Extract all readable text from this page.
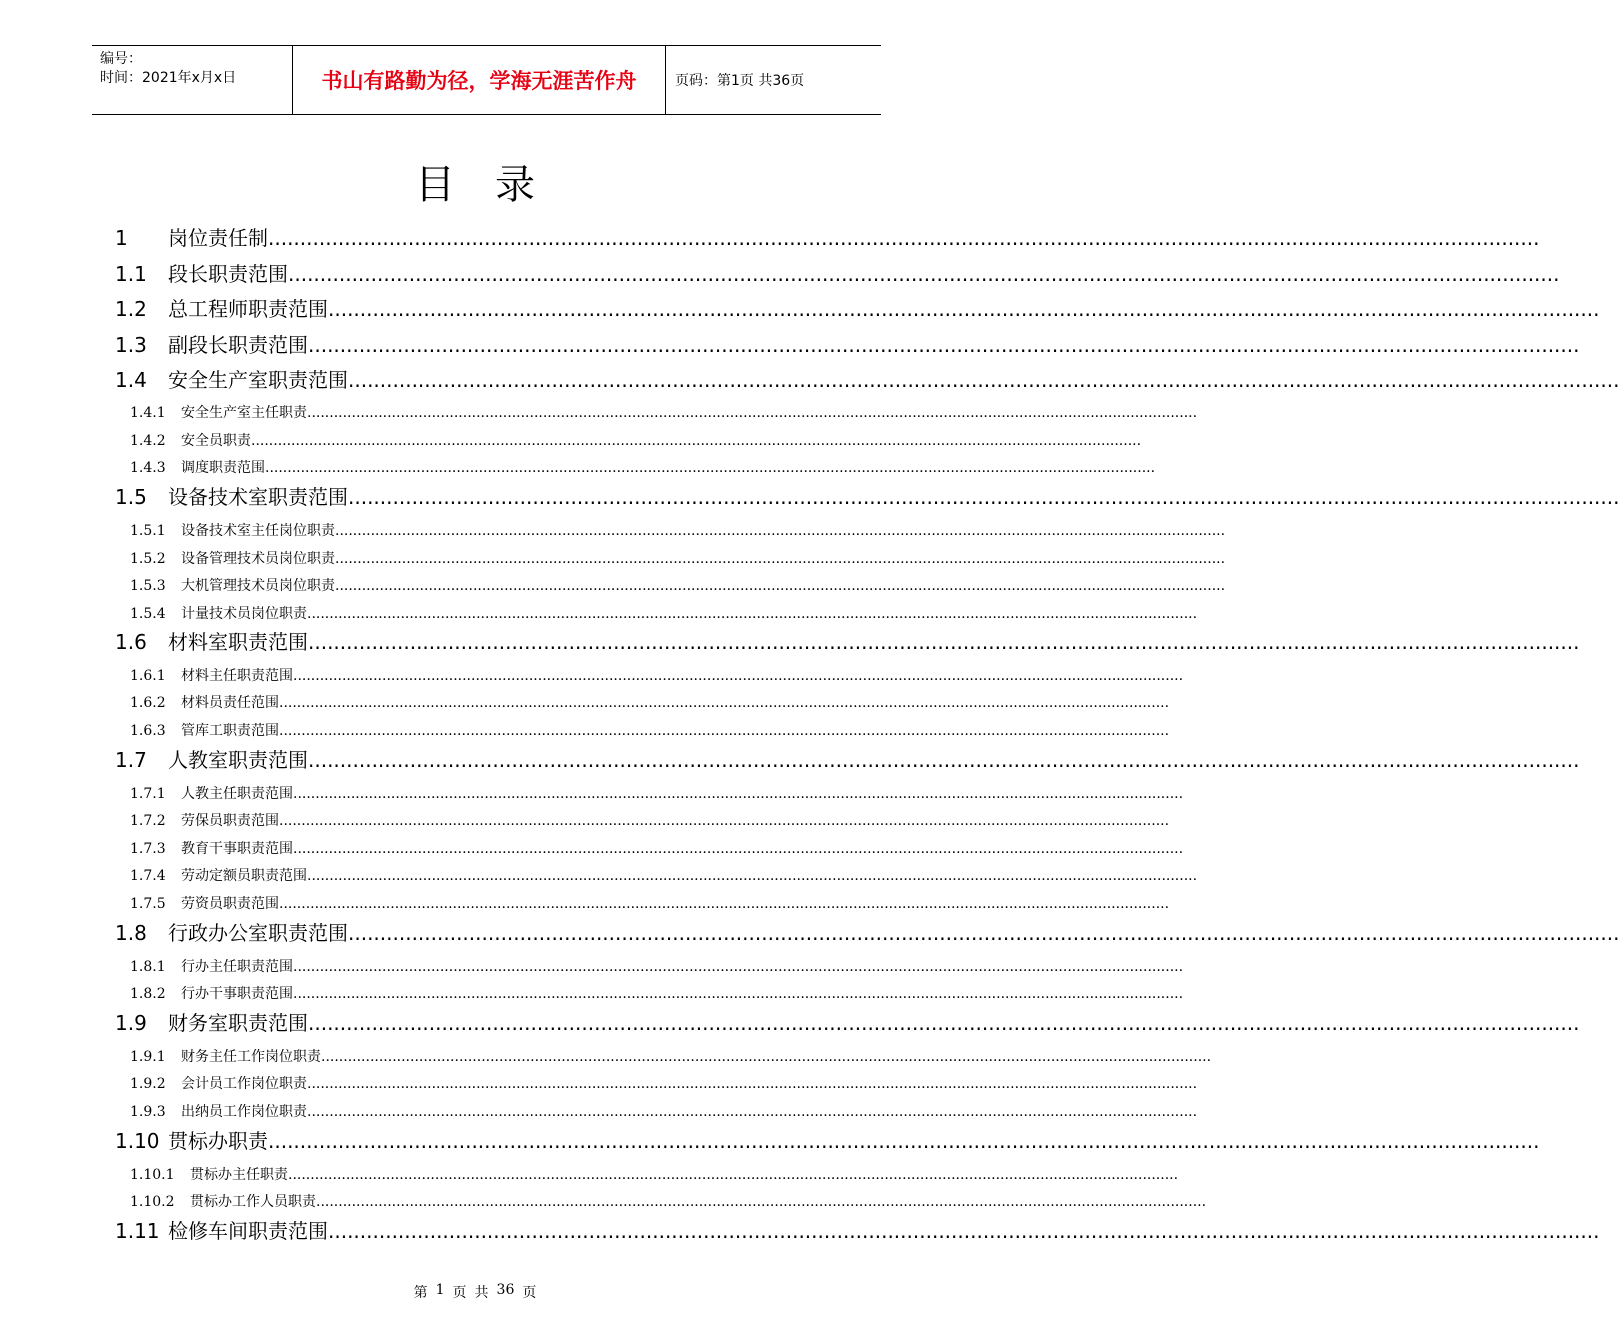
编号：
时间：2021年x月x日	书山有路勤为径，学海无涯苦作舟	页码：第1页 共36页
目录
1	岗位责任制 ........................................................................................................................................................................................................
1.1	段长职责范围 ........................................................................................................................................................................................................
1.2	总工程师职责范围 ........................................................................................................................................................................................................
1.3	副段长职责范围 ........................................................................................................................................................................................................
1.4	安全生产室职责范围 ........................................................................................................................................................................................................
1.4.1	安全生产室主任职责 ........................................................................................................................................................................................................
1.4.2	安全员职责 ........................................................................................................................................................................................................
1.4.3	调度职责范围 ........................................................................................................................................................................................................
1.5	设备技术室职责范围 ........................................................................................................................................................................................................
1.5.1	设备技术室主任岗位职责 ........................................................................................................................................................................................................
1.5.2	设备管理技术员岗位职责 ........................................................................................................................................................................................................
1.5.3	大机管理技术员岗位职责 ........................................................................................................................................................................................................
1.5.4	计量技术员岗位职责 ........................................................................................................................................................................................................
1.6	材料室职责范围 ........................................................................................................................................................................................................
1.6.1	材料主任职责范围 ........................................................................................................................................................................................................
1.6.2	材料员责任范围 ........................................................................................................................................................................................................
1.6.3	管库工职责范围 ........................................................................................................................................................................................................
1.7	人教室职责范围 ........................................................................................................................................................................................................
1.7.1	人教主任职责范围 ........................................................................................................................................................................................................
1.7.2	劳保员职责范围 ........................................................................................................................................................................................................
1.7.3	教育干事职责范围 ........................................................................................................................................................................................................
1.7.4	劳动定额员职责范围 ........................................................................................................................................................................................................
1.7.5	劳资员职责范围 ........................................................................................................................................................................................................
1.8	行政办公室职责范围 ........................................................................................................................................................................................................
1.8.1	行办主任职责范围 ........................................................................................................................................................................................................
1.8.2	行办干事职责范围 ........................................................................................................................................................................................................
1.9	财务室职责范围 ........................................................................................................................................................................................................
1.9.1	财务主任工作岗位职责 ........................................................................................................................................................................................................
1.9.2	会计员工作岗位职责 ........................................................................................................................................................................................................
1.9.3	出纳员工作岗位职责 ........................................................................................................................................................................................................
1.10 贯标办职责 ........................................................................................................................................................................................................
1.10.1	贯标办主任职责 ........................................................................................................................................................................................................
1.10.2	贯标办工作人员职责 ........................................................................................................................................................................................................
1.11 检修车间职责范围 ........................................................................................................................................................................................................
第 1 页 共 36 页
